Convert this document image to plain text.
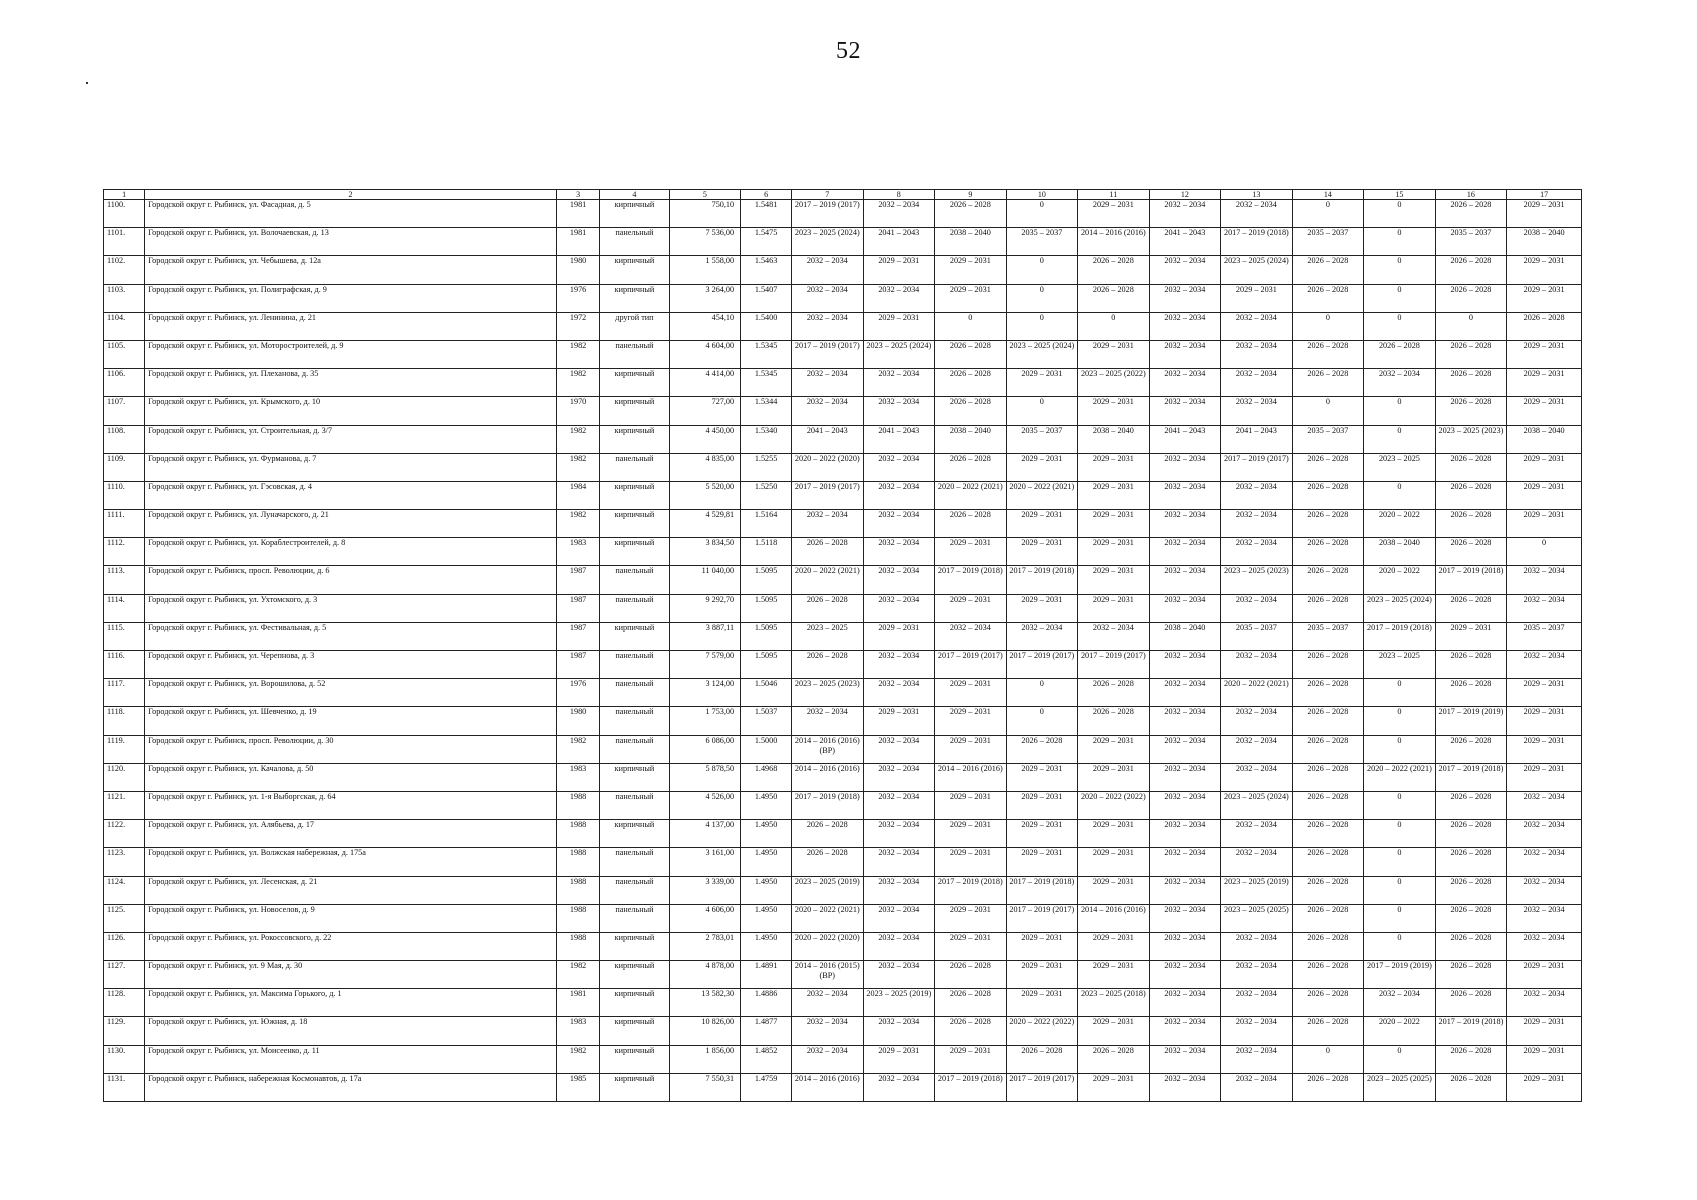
52
1	2	3	4	5	6	7	8	9	10	11	12	13	14	15	16	17
1100.	Городской округ г. Рыбинск, ул. Фасадная, д. 5	1981	кирпичный	750,10	1.5481	2017 – 2019 (2017)	2032 – 2034	2026 – 2028	0	2029 – 2031	2032 – 2034	2032 – 2034	0	0	2026 – 2028	2029 – 2031
1101.	Городской округ г. Рыбинск, ул. Волочаевская, д. 13	1981	панельный	7 536,00	1.5475	2023 – 2025 (2024)	2041 – 2043	2038 – 2040	2035 – 2037	2014 – 2016 (2016)	2041 – 2043	2017 – 2019 (2018)	2035 – 2037	0	2035 – 2037	2038 – 2040
1102.	Городской округ г. Рыбинск, ул. Чебышева, д. 12а	1980	кирпичный	1 558,00	1.5463	2032 – 2034	2029 – 2031	2029 – 2031	0	2026 – 2028	2032 – 2034	2023 – 2025 (2024)	2026 – 2028	0	2026 – 2028	2029 – 2031
1103.	Городской округ г. Рыбинск, ул. Полиграфская, д. 9	1976	кирпичный	3 264,00	1.5407	2032 – 2034	2032 – 2034	2029 – 2031	0	2026 – 2028	2032 – 2034	2029 – 2031	2026 – 2028	0	2026 – 2028	2029 – 2031
1104.	Городской округ г. Рыбинск, ул. Ленинина, д. 21	1972	другой тип	454,10	1.5400	2032 – 2034	2029 – 2031	0	0	0	2032 – 2034	2032 – 2034	0	0	0	2026 – 2028
1105.	Городской округ г. Рыбинск, ул. Моторостроителей, д. 9	1982	панельный	4 604,00	1.5345	2017 – 2019 (2017)	2023 – 2025 (2024)	2026 – 2028	2023 – 2025 (2024)	2029 – 2031	2032 – 2034	2032 – 2034	2026 – 2028	2026 – 2028	2026 – 2028	2029 – 2031
1106.	Городской округ г. Рыбинск, ул. Плеханова, д. 35	1982	кирпичный	4 414,00	1.5345	2032 – 2034	2032 – 2034	2026 – 2028	2029 – 2031	2023 – 2025 (2022)	2032 – 2034	2032 – 2034	2026 – 2028	2032 – 2034	2026 – 2028	2029 – 2031
1107.	Городской округ г. Рыбинск, ул. Крымского, д. 10	1970	кирпичный	727,00	1.5344	2032 – 2034	2032 – 2034	2026 – 2028	0	2029 – 2031	2032 – 2034	2032 – 2034	0	0	2026 – 2028	2029 – 2031
1108.	Городской округ г. Рыбинск, ул. Строительная, д. 3/7	1982	кирпичный	4 450,00	1.5340	2041 – 2043	2041 – 2043	2038 – 2040	2035 – 2037	2038 – 2040	2041 – 2043	2041 – 2043	2035 – 2037	0	2023 – 2025 (2023)	2038 – 2040
1109.	Городской округ г. Рыбинск, ул. Фурманова, д. 7	1982	панельный	4 835,00	1.5255	2020 – 2022 (2020)	2032 – 2034	2026 – 2028	2029 – 2031	2029 – 2031	2032 – 2034	2017 – 2019 (2017)	2026 – 2028	2023 – 2025	2026 – 2028	2029 – 2031
1110.	Городской округ г. Рыбинск, ул. Гэсовская, д. 4	1984	кирпичный	5 520,00	1.5250	2017 – 2019 (2017)	2032 – 2034	2020 – 2022 (2021)	2020 – 2022 (2021)	2029 – 2031	2032 – 2034	2032 – 2034	2026 – 2028	0	2026 – 2028	2029 – 2031
1111.	Городской округ г. Рыбинск, ул. Луначарского, д. 21	1982	кирпичный	4 529,81	1.5164	2032 – 2034	2032 – 2034	2026 – 2028	2029 – 2031	2029 – 2031	2032 – 2034	2032 – 2034	2026 – 2028	2020 – 2022	2026 – 2028	2029 – 2031
1112.	Городской округ г. Рыбинск, ул. Кораблестроителей, д. 8	1983	кирпичный	3 834,50	1.5118	2026 – 2028	2032 – 2034	2029 – 2031	2029 – 2031	2029 – 2031	2032 – 2034	2032 – 2034	2026 – 2028	2038 – 2040	2026 – 2028	0
1113.	Городской округ г. Рыбинск, просп. Революции, д. 6	1987	панельный	11 040,00	1.5095	2020 – 2022 (2021)	2032 – 2034	2017 – 2019 (2018)	2017 – 2019 (2018)	2029 – 2031	2032 – 2034	2023 – 2025 (2023)	2026 – 2028	2020 – 2022	2017 – 2019 (2018)	2032 – 2034
1114.	Городской округ г. Рыбинск, ул. Ухтомского, д. 3	1987	панельный	9 292,70	1.5095	2026 – 2028	2032 – 2034	2029 – 2031	2029 – 2031	2029 – 2031	2032 – 2034	2032 – 2034	2026 – 2028	2023 – 2025 (2024)	2026 – 2028	2032 – 2034
1115.	Городской округ г. Рыбинск, ул. Фестивальная, д. 5	1987	кирпичный	3 887,11	1.5095	2023 – 2025	2029 – 2031	2032 – 2034	2032 – 2034	2032 – 2034	2038 – 2040	2035 – 2037	2035 – 2037	2017 – 2019 (2018)	2029 – 2031	2035 – 2037
1116.	Городской округ г. Рыбинск, ул. Черепнова, д. 3	1987	панельный	7 579,00	1.5095	2026 – 2028	2032 – 2034	2017 – 2019 (2017)	2017 – 2019 (2017)	2017 – 2019 (2017)	2032 – 2034	2032 – 2034	2026 – 2028	2023 – 2025	2026 – 2028	2032 – 2034
1117.	Городской округ г. Рыбинск, ул. Ворошилова, д. 52	1976	панельный	3 124,00	1.5046	2023 – 2025 (2023)	2032 – 2034	2029 – 2031	0	2026 – 2028	2032 – 2034	2020 – 2022 (2021)	2026 – 2028	0	2026 – 2028	2029 – 2031
1118.	Городской округ г. Рыбинск, ул. Шевченко, д. 19	1980	панельный	1 753,00	1.5037	2032 – 2034	2029 – 2031	2029 – 2031	0	2026 – 2028	2032 – 2034	2032 – 2034	2026 – 2028	0	2017 – 2019 (2019)	2029 – 2031
1119.	Городской округ г. Рыбинск, просп. Революции, д. 30	1982	панельный	6 086,00	1.5000	2014 – 2016 (2016) (ВР)	2032 – 2034	2029 – 2031	2026 – 2028	2029 – 2031	2032 – 2034	2032 – 2034	2026 – 2028	0	2026 – 2028	2029 – 2031
1120.	Городской округ г. Рыбинск, ул. Качалова, д. 50	1983	кирпичный	5 878,50	1.4968	2014 – 2016 (2016)	2032 – 2034	2014 – 2016 (2016)	2029 – 2031	2029 – 2031	2032 – 2034	2032 – 2034	2026 – 2028	2020 – 2022 (2021)	2017 – 2019 (2018)	2029 – 2031
1121.	Городской округ г. Рыбинск, ул. 1-я Выборгская, д. 64	1988	панельный	4 526,00	1.4950	2017 – 2019 (2018)	2032 – 2034	2029 – 2031	2029 – 2031	2020 – 2022 (2022)	2032 – 2034	2023 – 2025 (2024)	2026 – 2028	0	2026 – 2028	2032 – 2034
1122.	Городской округ г. Рыбинск, ул. Алябьева, д. 17	1988	кирпичный	4 137,00	1.4950	2026 – 2028	2032 – 2034	2029 – 2031	2029 – 2031	2029 – 2031	2032 – 2034	2032 – 2034	2026 – 2028	0	2026 – 2028	2032 – 2034
1123.	Городской округ г. Рыбинск, ул. Волжская набережная, д. 175а	1988	панельный	3 161,00	1.4950	2026 – 2028	2032 – 2034	2029 – 2031	2029 – 2031	2029 – 2031	2032 – 2034	2032 – 2034	2026 – 2028	0	2026 – 2028	2032 – 2034
1124.	Городской округ г. Рыбинск, ул. Лесенская, д. 21	1988	панельный	3 339,00	1.4950	2023 – 2025 (2019)	2032 – 2034	2017 – 2019 (2018)	2017 – 2019 (2018)	2029 – 2031	2032 – 2034	2023 – 2025 (2019)	2026 – 2028	0	2026 – 2028	2032 – 2034
1125.	Городской округ г. Рыбинск, ул. Новоселов, д. 9	1988	панельный	4 606,00	1.4950	2020 – 2022 (2021)	2032 – 2034	2029 – 2031	2017 – 2019 (2017)	2014 – 2016 (2016)	2032 – 2034	2023 – 2025 (2025)	2026 – 2028	0	2026 – 2028	2032 – 2034
1126.	Городской округ г. Рыбинск, ул. Рокоссовского, д. 22	1988	кирпичный	2 783,01	1.4950	2020 – 2022 (2020)	2032 – 2034	2029 – 2031	2029 – 2031	2029 – 2031	2032 – 2034	2032 – 2034	2026 – 2028	0	2026 – 2028	2032 – 2034
1127.	Городской округ г. Рыбинск, ул. 9 Мая, д. 30	1982	кирпичный	4 878,00	1.4891	2014 – 2016 (2015) (ВР)	2032 – 2034	2026 – 2028	2029 – 2031	2029 – 2031	2032 – 2034	2032 – 2034	2026 – 2028	2017 – 2019 (2019)	2026 – 2028	2029 – 2031
1128.	Городской округ г. Рыбинск, ул. Максима Горького, д. 1	1981	кирпичный	13 582,30	1.4886	2032 – 2034	2023 – 2025 (2019)	2026 – 2028	2029 – 2031	2023 – 2025 (2018)	2032 – 2034	2032 – 2034	2026 – 2028	2032 – 2034	2026 – 2028	2032 – 2034
1129.	Городской округ г. Рыбинск, ул. Южная, д. 18	1983	кирпичный	10 826,00	1.4877	2032 – 2034	2032 – 2034	2026 – 2028	2020 – 2022 (2022)	2029 – 2031	2032 – 2034	2032 – 2034	2026 – 2028	2020 – 2022	2017 – 2019 (2018)	2029 – 2031
1130.	Городской округ г. Рыбинск, ул. Моисеенко, д. 11	1982	кирпичный	1 856,00	1.4852	2032 – 2034	2029 – 2031	2029 – 2031	2026 – 2028	2026 – 2028	2032 – 2034	2032 – 2034	0	0	2026 – 2028	2029 – 2031
1131.	Городской округ г. Рыбинск, набережная Космонавтов, д. 17а	1985	кирпичный	7 550,31	1.4759	2014 – 2016 (2016)	2032 – 2034	2017 – 2019 (2018)	2017 – 2019 (2017)	2029 – 2031	2032 – 2034	2032 – 2034	2026 – 2028	2023 – 2025 (2025)	2026 – 2028	2029 – 2031
